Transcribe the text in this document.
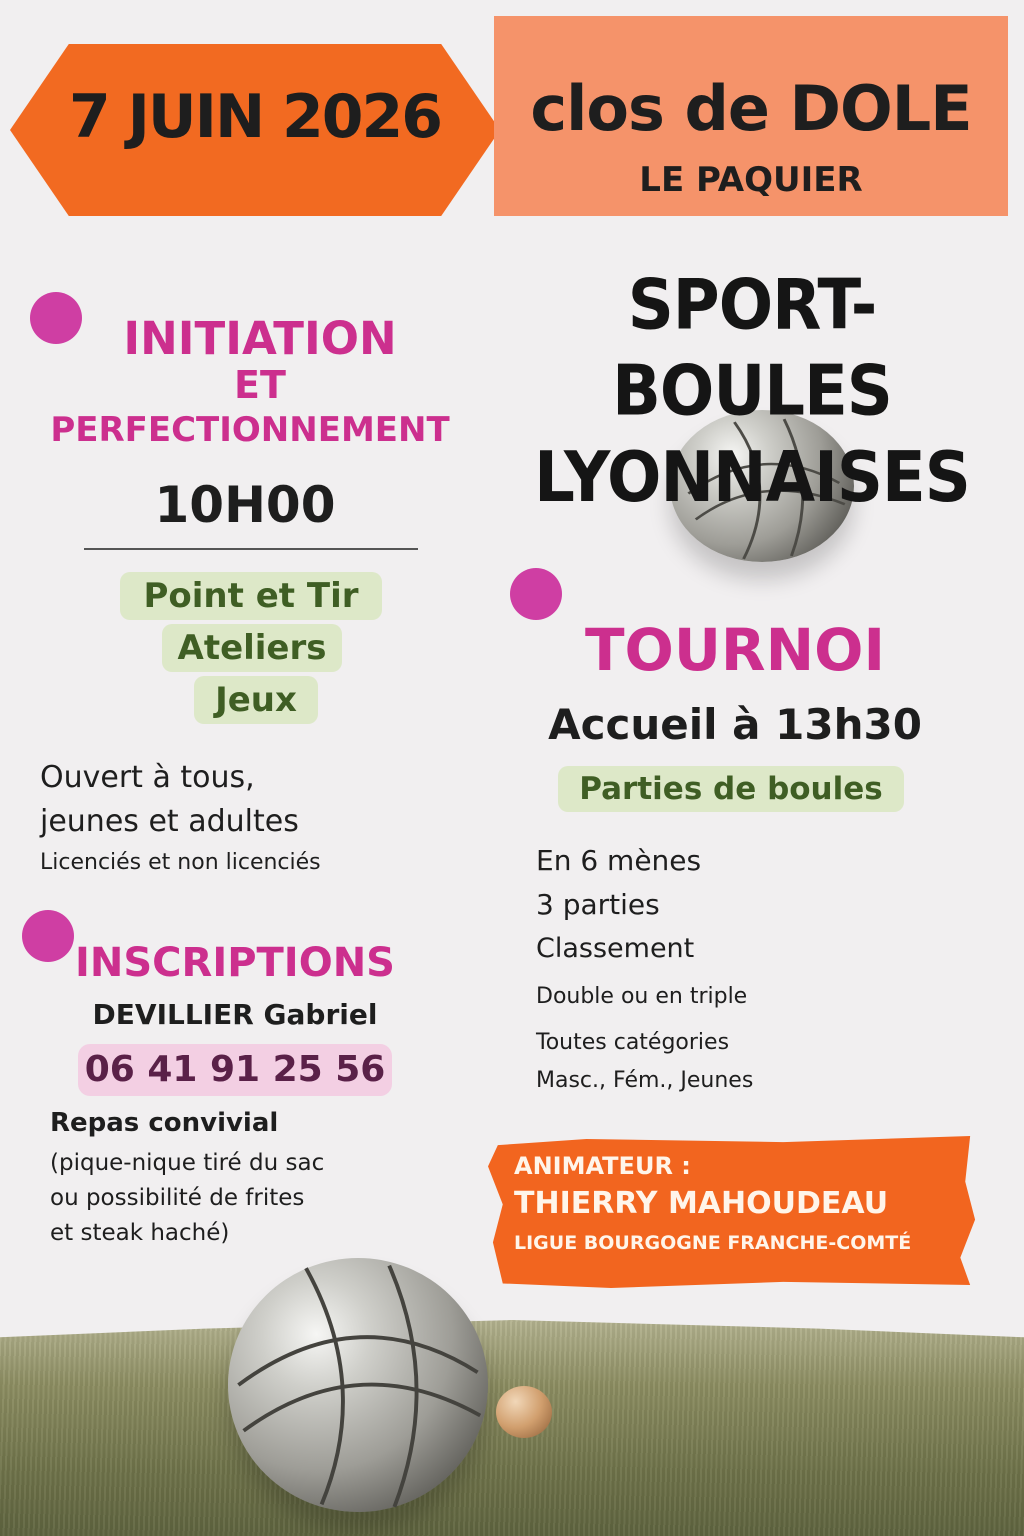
7 JUIN 2026	clos de DOLE
LE PAQUIER
SPORT-BOULES
LYONNAISES
INITIATION
ET
PERFECTIONNEMENT
10H00
Point et Tir
Ateliers
Jeux
Ouvert à tous,
jeunes et adultes
Licenciés et non licenciés
INSCRIPTIONS
DEVILLIER Gabriel
06 41 91 25 56
Repas convivial
(pique-nique tiré du sac
ou possibilité de frites
et steak haché)
TOURNOI
Accueil à 13h30
Parties de boules
En 6 mènes
3 parties
Classement
Double ou en triple
Toutes catégories
Masc., Fém., Jeunes
ANIMATEUR :
THIERRY MAHOUDEAU
LIGUE BOURGOGNE FRANCHE-COMTÉ
